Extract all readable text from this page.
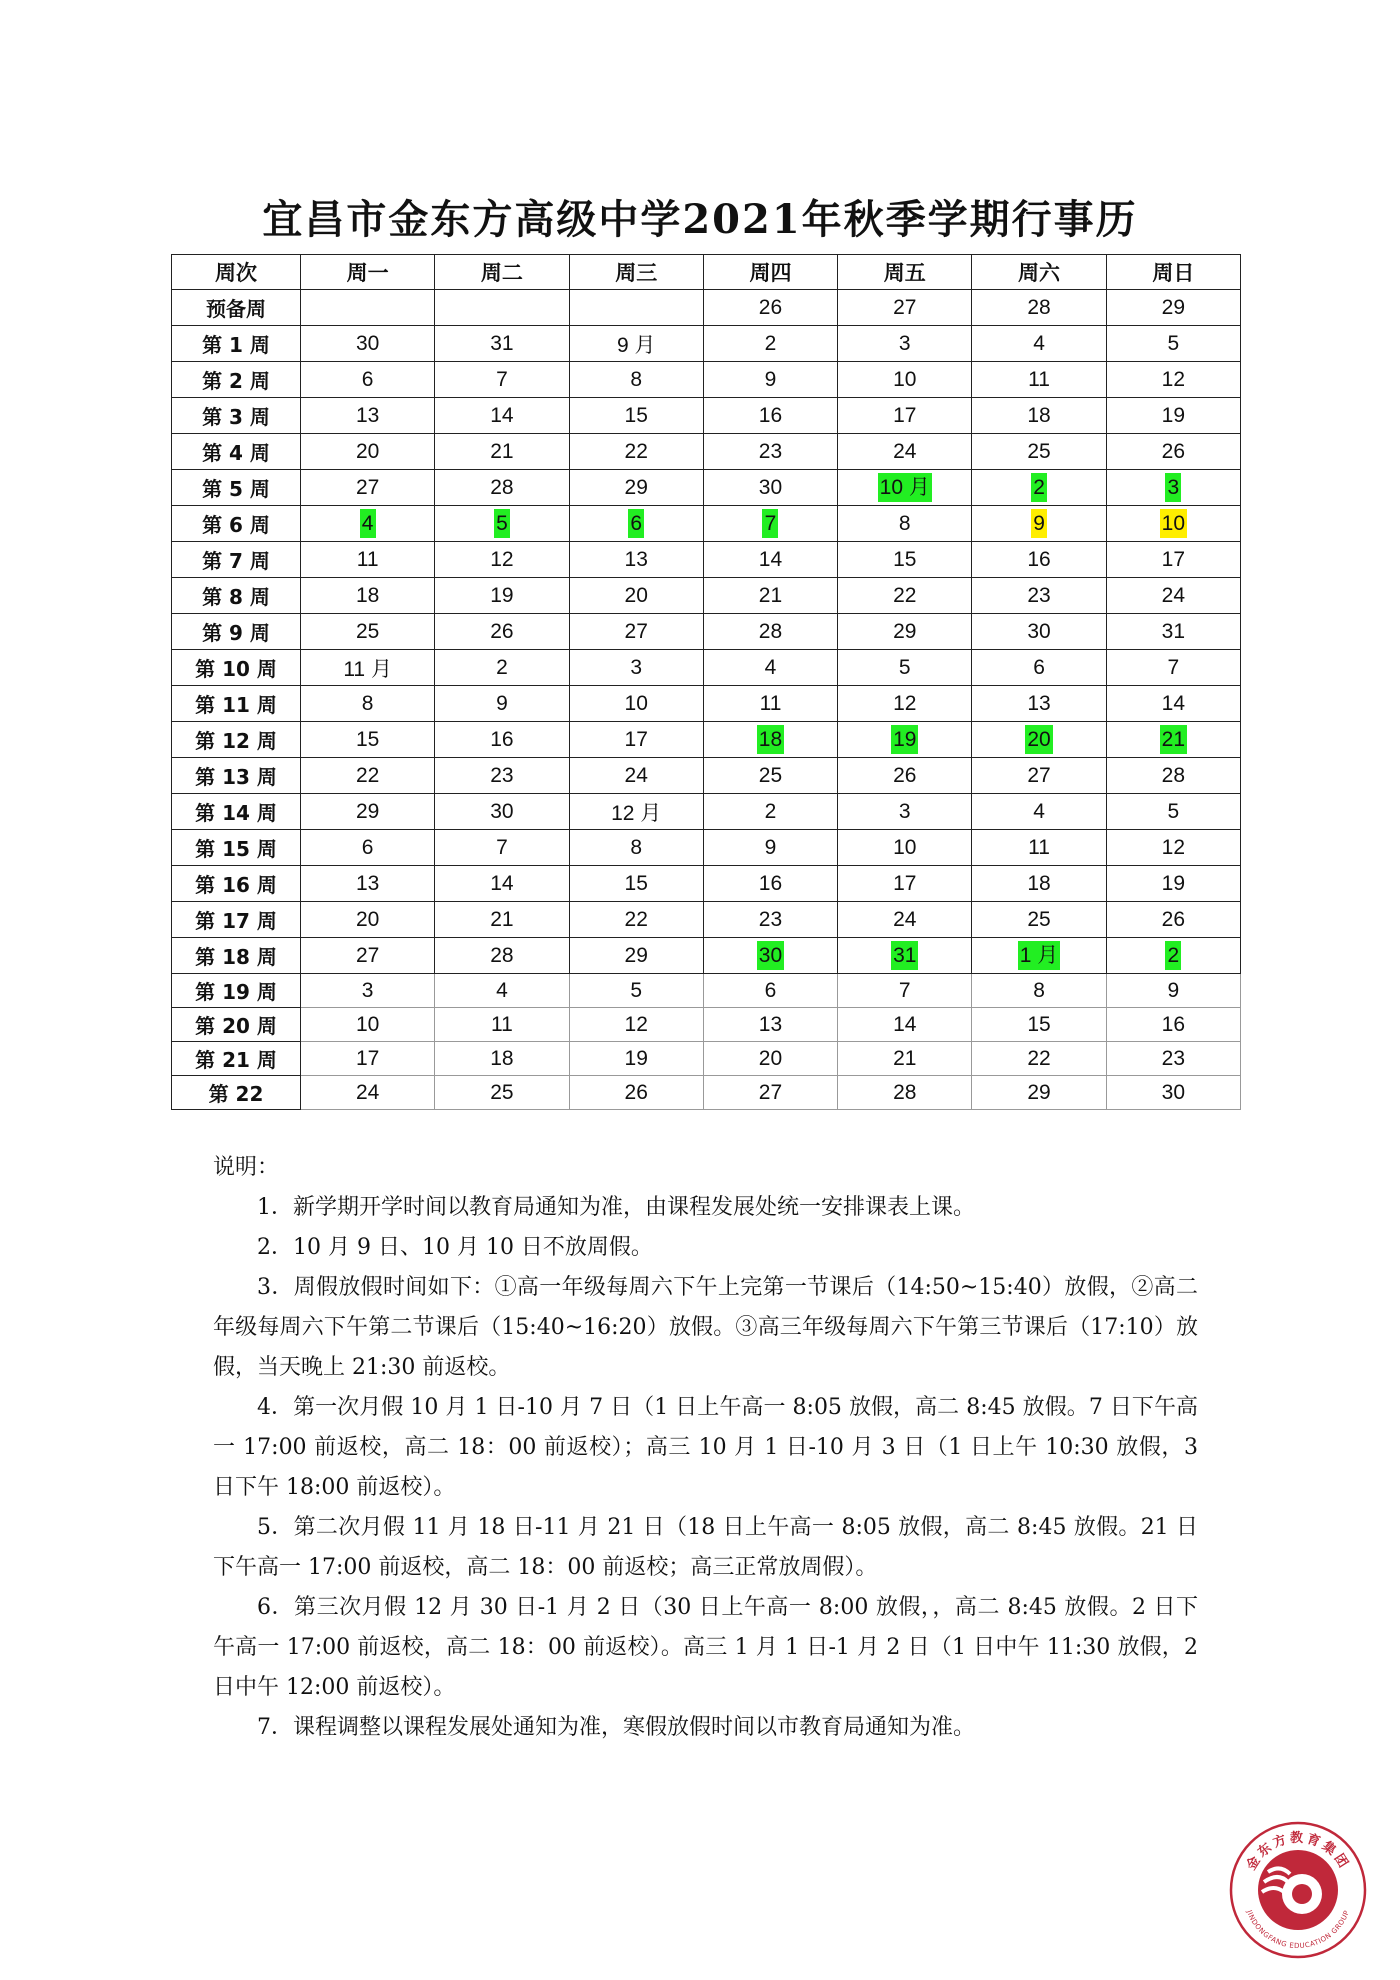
宜昌市金东方高级中学2021年秋季学期行事历
周次	周一	周二	周三	周四	周五	周六	周日
预备周				26	27	28	29
第 1 周	30	31	9 月	2	3	4	5
第 2 周	6	7	8	9	10	11	12
第 3 周	13	14	15	16	17	18	19
第 4 周	20	21	22	23	24	25	26
第 5 周	27	28	29	30	10 月	2	3
第 6 周	4	5	6	7	8	9	10
第 7 周	11	12	13	14	15	16	17
第 8 周	18	19	20	21	22	23	24
第 9 周	25	26	27	28	29	30	31
第 10 周	11 月	2	3	4	5	6	7
第 11 周	8	9	10	11	12	13	14
第 12 周	15	16	17	18	19	20	21
第 13 周	22	23	24	25	26	27	28
第 14 周	29	30	12 月	2	3	4	5
第 15 周	6	7	8	9	10	11	12
第 16 周	13	14	15	16	17	18	19
第 17 周	20	21	22	23	24	25	26
第 18 周	27	28	29	30	31	1 月	2
第 19 周	3	4	5	6	7	8	9
第 20 周	10	11	12	13	14	15	16
第 21 周	17	18	19	20	21	22	23
第 22	24	25	26	27	28	29	30
说明：

1．新学期开学时间以教育局通知为准，由课程发展处统一安排课表上课。

2．10 月 9 日、10 月 10 日不放周假。

3．周假放假时间如下：①高一年级每周六下午上完第一节课后（14:50~15:40）放假，②高二年级每周六下午第二节课后（15:40~16:20）放假。③高三年级每周六下午第三节课后（17:10）放假，当天晚上 21:30 前返校。

4．第一次月假 10 月 1 日-10 月 7 日（1 日上午高一 8:05 放假，高二 8:45 放假。7 日下午高一 17:00 前返校，高二 18：00 前返校）；高三 10 月 1 日-10 月 3 日（1 日上午 10:30 放假，3 日下午 18:00 前返校）。

5．第二次月假 11 月 18 日-11 月 21 日（18 日上午高一 8:05 放假，高二 8:45 放假。21 日下午高一 17:00 前返校，高二 18：00 前返校；高三正常放周假）。

6．第三次月假 12 月 30 日-1 月 2 日（30 日上午高一 8:00 放假，，高二 8:45 放假。2 日下午高一 17:00 前返校，高二 18：00 前返校）。高三 1 月 1 日-1 月 2 日（1 日中午 11:30 放假，2 日中午 12:00 前返校）。

7．课程调整以课程发展处通知为准，寒假放假时间以市教育局通知为准。

金东方教育集团
JINDONGFANG EDUCATION GROUP
